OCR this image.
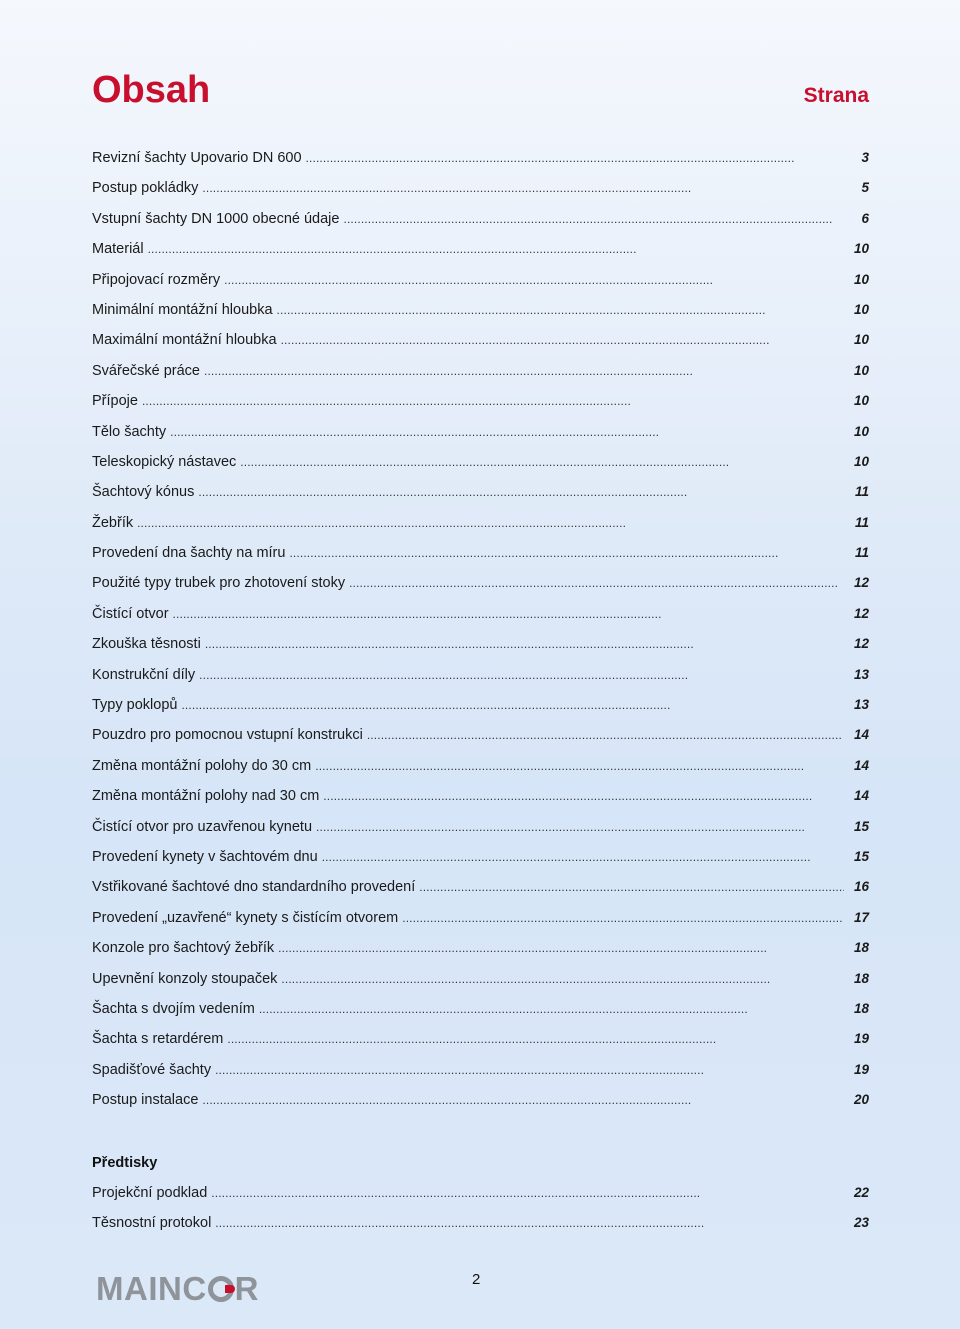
Obsah	Strana
Revizní šachty Upovario DN 600 . . .	3
Postup pokládky . . .	5
Vstupní šachty DN 1000 obecné údaje . . .	6
Materiál . . .	10
Připojovací rozměry . . .	10
Minimální montážní hloubka . . .	10
Maximální montážní hloubka . . .	10
Svářečské práce . . .	10
Přípoje . . .	10
Tělo šachty . . .	10
Teleskopický nástavec . . .	10
Šachtový kónus . . .	11
Žebřík . . .	11
Provedení dna šachty na míru . . .	11
Použité typy trubek pro zhotovení stoky . . .	12
Čistící otvor . . .	12
Zkouška těsnosti . . .	12
Konstrukční díly . . .	13
Typy poklopů . . .	13
Pouzdro pro pomocnou vstupní konstrukci . . .	14
Změna montážní polohy do 30 cm . . .	14
Změna montážní polohy nad 30 cm . . .	14
Čistící otvor pro uzavřenou kynetu . . .	15
Provedení kynety v šachtovém dnu . . .	15
Vstřikované šachtové dno standardního provedení . . .	16
Provedení „uzavřené“ kynety s čistícím otvorem . . .	17
Konzole pro šachtový žebřík . . .	18
Upevnění konzoly stoupaček . . .	18
Šachta s dvojím vedením . . .	18
Šachta s retardérem . . .	19
Spadišťové šachty . . .	19
Postup instalace . . .	20
Předtisky
Projekční podklad . . .	22
Těsnostní protokol . . .	23
MAINC R	2
